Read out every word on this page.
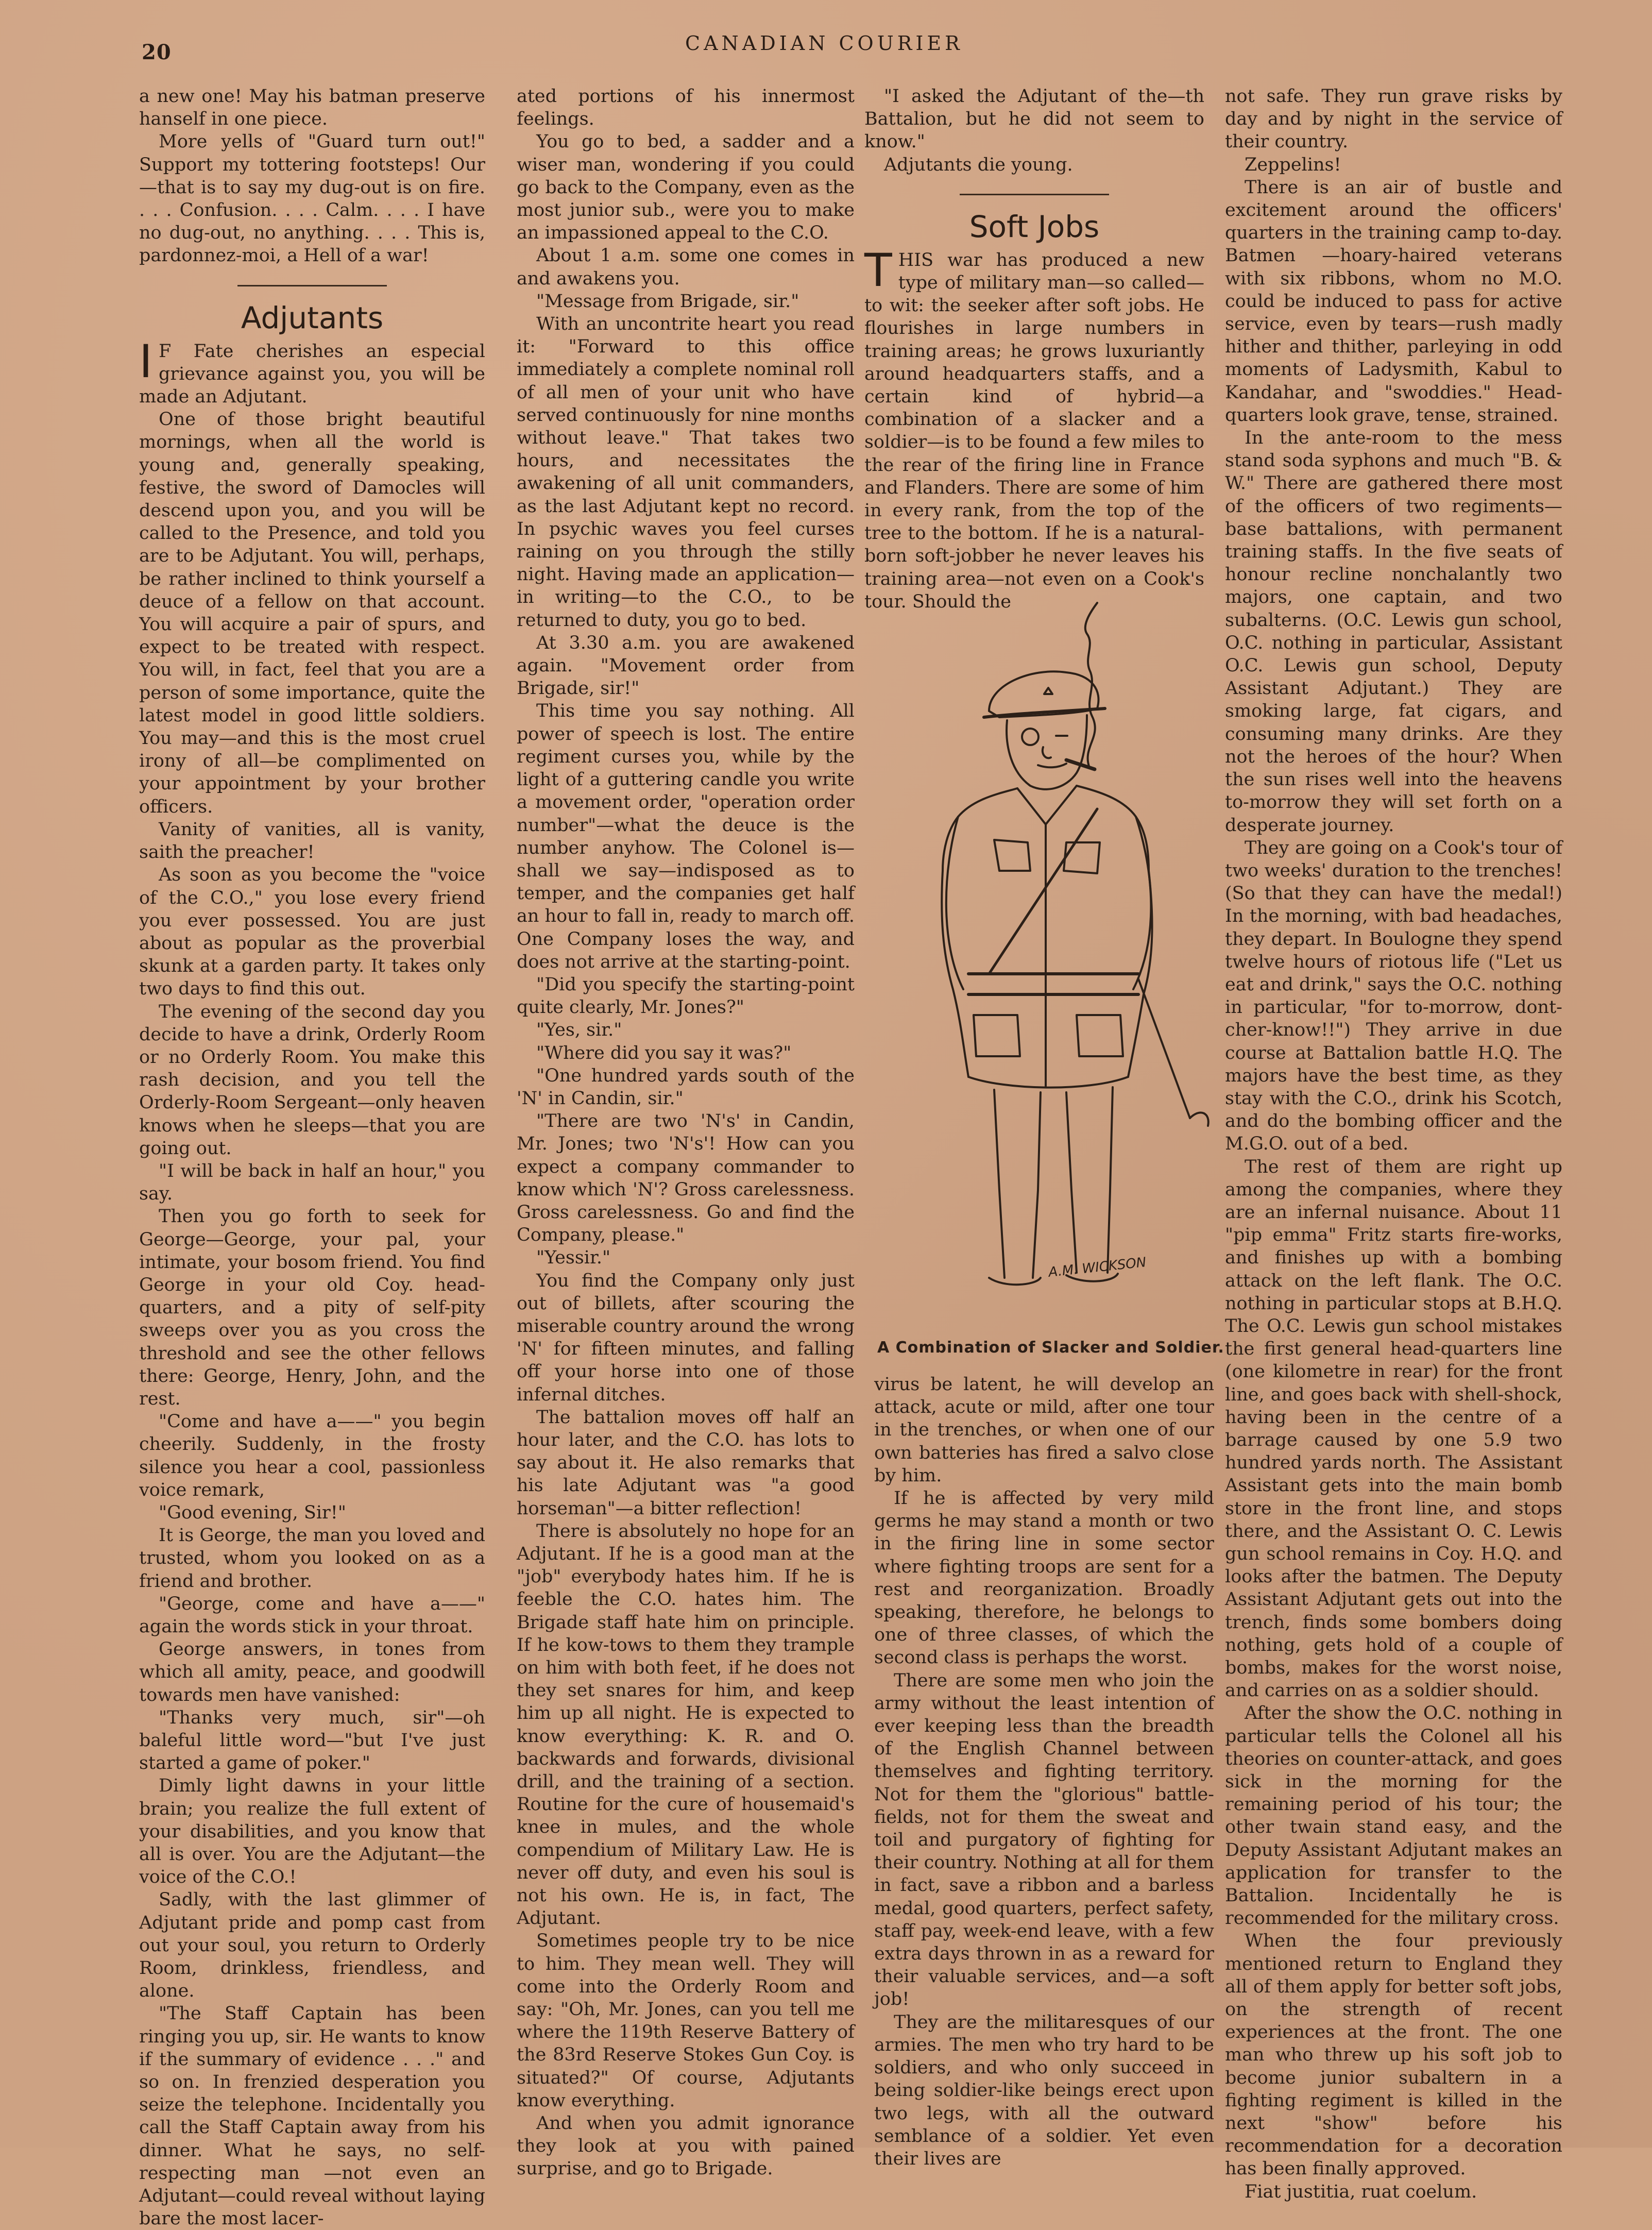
20	CANADIAN COURIER

a new one! May his batman preserve hanself in one piece.

More yells of "Guard turn out!" Support my tottering footsteps! Our —that is to say my dug-out is on fire. . . . Confusion. . . . Calm. . . . I have no dug-out, no anything. . . . This is, pardonnez-moi, a Hell of a war!

Adjutants

I F Fate cherishes an especial grievance against you, you will be made an Adjutant.

One of those bright beautiful mornings, when all the world is young and, generally speaking, festive, the sword of Damocles will descend upon you, and you will be called to the Presence, and told you are to be Adjutant. You will, perhaps, be rather inclined to think yourself a deuce of a fellow on that account. You will acquire a pair of spurs, and expect to be treated with respect. You will, in fact, feel that you are a person of some importance, quite the latest model in good little soldiers. You may—and this is the most cruel irony of all—be complimented on your appointment by your brother officers.

Vanity of vanities, all is vanity, saith the preacher!

As soon as you become the "voice of the C.O.," you lose every friend you ever possessed. You are just about as popular as the proverbial skunk at a garden party. It takes only two days to find this out.

The evening of the second day you decide to have a drink, Orderly Room or no Orderly Room. You make this rash decision, and you tell the Orderly-Room Sergeant—only heaven knows when he sleeps—that you are going out.

"I will be back in half an hour," you say.

Then you go forth to seek for George—George, your pal, your intimate, your bosom friend. You find George in your old Coy. head-quarters, and a pity of self-pity sweeps over you as you cross the threshold and see the other fellows there: George, Henry, John, and the rest.

"Come and have a——" you begin cheerily. Suddenly, in the frosty silence you hear a cool, passionless voice remark,

"Good evening, Sir!"

It is George, the man you loved and trusted, whom you looked on as a friend and brother.

"George, come and have a——" again the words stick in your throat.

George answers, in tones from which all amity, peace, and goodwill towards men have vanished:

"Thanks very much, sir"—oh baleful little word—"but I've just started a game of poker."

Dimly light dawns in your little brain; you realize the full extent of your disabilities, and you know that all is over. You are the Adjutant—the voice of the C.O.!

Sadly, with the last glimmer of Adjutant pride and pomp cast from out your soul, you return to Orderly Room, drinkless, friendless, and alone.

"The Staff Captain has been ringing you up, sir. He wants to know if the summary of evidence . . ." and so on. In frenzied desperation you seize the telephone. Incidentally you call the Staff Captain away from his dinner. What he says, no self-respecting man —not even an Adjutant—could reveal without laying bare the most lacer-

ated portions of his innermost feelings.

You go to bed, a sadder and a wiser man, wondering if you could go back to the Company, even as the most junior sub., were you to make an impassioned appeal to the C.O.

About 1 a.m. some one comes in and awakens you.

"Message from Brigade, sir."

With an uncontrite heart you read it: "Forward to this office immediately a complete nominal roll of all men of your unit who have served continuously for nine months without leave." That takes two hours, and necessitates the awakening of all unit commanders, as the last Adjutant kept no record. In psychic waves you feel curses raining on you through the stilly night. Having made an application—in writing—to the C.O., to be returned to duty, you go to bed.

At 3.30 a.m. you are awakened again. "Movement order from Brigade, sir!"

This time you say nothing. All power of speech is lost. The entire regiment curses you, while by the light of a guttering candle you write a movement order, "operation order number"—what the deuce is the number anyhow. The Colonel is—shall we say—indisposed as to temper, and the companies get half an hour to fall in, ready to march off. One Company loses the way, and does not arrive at the starting-point.

"Did you specify the starting-point quite clearly, Mr. Jones?"

"Yes, sir."

"Where did you say it was?"

"One hundred yards south of the 'N' in Candin, sir."

"There are two 'N's' in Candin, Mr. Jones; two 'N's'! How can you expect a company commander to know which 'N'? Gross carelessness. Gross carelessness. Go and find the Company, please."

"Yessir."

You find the Company only just out of billets, after scouring the miserable country around the wrong 'N' for fifteen minutes, and falling off your horse into one of those infernal ditches.

The battalion moves off half an hour later, and the C.O. has lots to say about it. He also remarks that his late Adjutant was "a good horseman"—a bitter reflection!

There is absolutely no hope for an Adjutant. If he is a good man at the "job" everybody hates him. If he is feeble the C.O. hates him. The Brigade staff hate him on principle. If he kow-tows to them they trample on him with both feet, if he does not they set snares for him, and keep him up all night. He is expected to know everything: K. R. and O. backwards and forwards, divisional drill, and the training of a section. Routine for the cure of housemaid's knee in mules, and the whole compendium of Military Law. He is never off duty, and even his soul is not his own. He is, in fact, The Adjutant.

Sometimes people try to be nice to him. They mean well. They will come into the Orderly Room and say: "Oh, Mr. Jones, can you tell me where the 119th Reserve Battery of the 83rd Reserve Stokes Gun Coy. is situated?" Of course, Adjutants know everything.

And when you admit ignorance they look at you with pained surprise, and go to Brigade.

"I asked the Adjutant of the—th Battalion, but he did not seem to know."

Adjutants die young.

Soft Jobs

THIS war has produced a new type of military man—so called—to wit: the seeker after soft jobs. He flourishes in large numbers in training areas; he grows luxuriantly around headquarters staffs, and a certain kind of hybrid—a combination of a slacker and a soldier—is to be found a few miles to the rear of the firing line in France and Flanders. There are some of him in every rank, from the top of the tree to the bottom. If he is a natural-born soft-jobber he never leaves his training area—not even on a Cook's tour. Should the

A.M. WICKSON
A Combination of Slacker and Soldier.

virus be latent, he will develop an attack, acute or mild, after one tour in the trenches, or when one of our own batteries has fired a salvo close by him.

If he is affected by very mild germs he may stand a month or two in the firing line in some sector where fighting troops are sent for a rest and reorganization. Broadly speaking, therefore, he belongs to one of three classes, of which the second class is perhaps the worst.

There are some men who join the army without the least intention of ever keeping less than the breadth of the English Channel between themselves and fighting territory. Not for them the "glorious" battle-fields, not for them the sweat and toil and purgatory of fighting for their country. Nothing at all for them in fact, save a ribbon and a barless medal, good quarters, perfect safety, staff pay, week-end leave, with a few extra days thrown in as a reward for their valuable services, and—a soft job!

They are the militaresques of our armies. The men who try hard to be soldiers, and who only succeed in being soldier-like beings erect upon two legs, with all the outward semblance of a soldier. Yet even their lives are

not safe. They run grave risks by day and by night in the service of their country.

Zeppelins!

There is an air of bustle and excitement around the officers' quarters in the training camp to-day. Batmen —hoary-haired veterans with six ribbons, whom no M.O. could be induced to pass for active service, even by tears—rush madly hither and thither, parleying in odd moments of Ladysmith, Kabul to Kandahar, and "swoddies." Head-quarters look grave, tense, strained.

In the ante-room to the mess stand soda syphons and much "B. & W." There are gathered there most of the officers of two regiments—base battalions, with permanent training staffs. In the five seats of honour recline nonchalantly two majors, one captain, and two subalterns. (O.C. Lewis gun school, O.C. nothing in particular, Assistant O.C. Lewis gun school, Deputy Assistant Adjutant.) They are smoking large, fat cigars, and consuming many drinks. Are they not the heroes of the hour? When the sun rises well into the heavens to-morrow they will set forth on a desperate journey.

They are going on a Cook's tour of two weeks' duration to the trenches! (So that they can have the medal!) In the morning, with bad headaches, they depart. In Boulogne they spend twelve hours of riotous life ("Let us eat and drink," says the O.C. nothing in particular, "for to-morrow, dont-cher-know!!") They arrive in due course at Battalion battle H.Q. The majors have the best time, as they stay with the C.O., drink his Scotch, and do the bombing officer and the M.G.O. out of a bed.

The rest of them are right up among the companies, where they are an infernal nuisance. About 11 "pip emma" Fritz starts fire-works, and finishes up with a bombing attack on the left flank. The O.C. nothing in particular stops at B.H.Q. The O.C. Lewis gun school mistakes the first general head-quarters line (one kilometre in rear) for the front line, and goes back with shell-shock, having been in the centre of a barrage caused by one 5.9 two hundred yards north. The Assistant Assistant gets into the main bomb store in the front line, and stops there, and the Assistant O. C. Lewis gun school remains in Coy. H.Q. and looks after the batmen. The Deputy Assistant Adjutant gets out into the trench, finds some bombers doing nothing, gets hold of a couple of bombs, makes for the worst noise, and carries on as a soldier should.

After the show the O.C. nothing in particular tells the Colonel all his theories on counter-attack, and goes sick in the morning for the remaining period of his tour; the other twain stand easy, and the Deputy Assistant Adjutant makes an application for transfer to the Battalion. Incidentally he is recommended for the military cross.

When the four previously mentioned return to England they all of them apply for better soft jobs, on the strength of recent experiences at the front. The one man who threw up his soft job to become junior subaltern in a fighting regiment is killed in the next "show" before his recommendation for a decoration has been finally approved.

Fiat justitia, ruat coelum.
